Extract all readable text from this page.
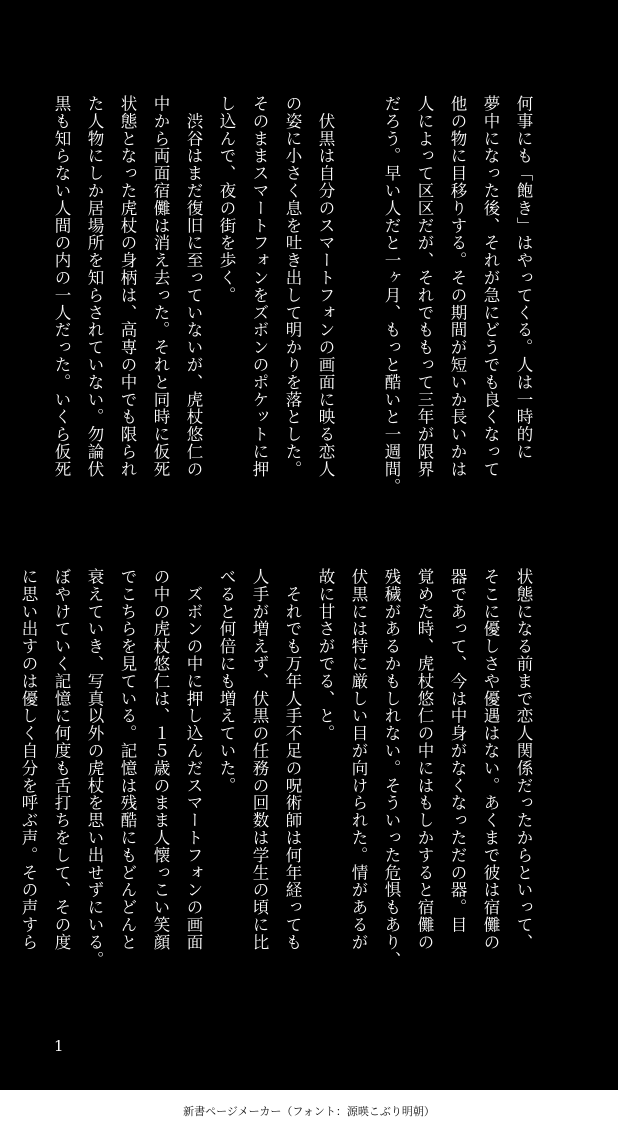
何事にも「飽き」はやってくる。人は一時的に
夢中になった後、それが急にどうでも良くなって
他の物に目移りする。その期間が短いか長いかは
人によって区区だが、それでももって三年が限界
だろう。早い人だと一ヶ月、もっと酷いと一週間。

　伏黒は自分のスマートフォンの画面に映る恋人
の姿に小さく息を吐き出して明かりを落とした。
そのままスマートフォンをズボンのポケットに押
し込んで、夜の街を歩く。
　渋谷はまだ復旧に至っていないが、虎杖悠仁の
中から両面宿儺は消え去った。それと同時に仮死
状態となった虎杖の身柄は、高専の中でも限られ
た人物にしか居場所を知らされていない。勿論伏
黒も知らない人間の内の一人だった。いくら仮死
状態になる前まで恋人関係だったからといって、
そこに優しさや優遇はない。あくまで彼は宿儺の
器であって、今は中身がなくなっただの器。目
覚めた時、虎杖悠仁の中にはもしかすると宿儺の
残穢があるかもしれない。そういった危惧もあり、
伏黒には特に厳しい目が向けられた。情があるが
故に甘さがでる、と。
　それでも万年人手不足の呪術師は何年経っても
人手が増えず、伏黒の任務の回数は学生の頃に比
べると何倍にも増えていた。
　ズボンの中に押し込んだスマートフォンの画面
の中の虎杖悠仁は、１５歳のまま人懐っこい笑顔
でこちらを見ている。記憶は残酷にもどんどんと
衰えていき、写真以外の虎杖を思い出せずにいる。
ぼやけていく記憶に何度も舌打ちをして、その度
に思い出すのは優しく自分を呼ぶ声。その声すら
1
新書ページメーカー（フォント：源暎こぶり明朝）
